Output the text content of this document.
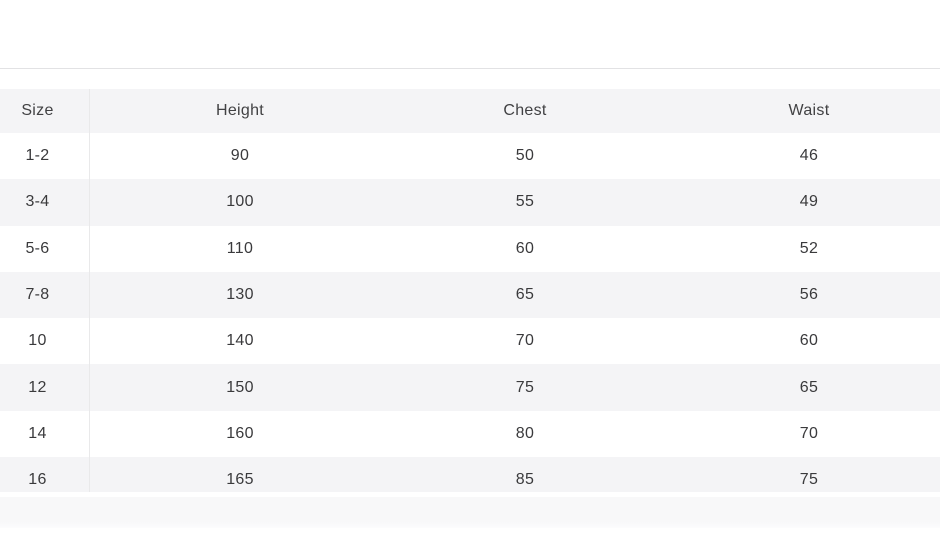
Size	Height	Chest	Waist
1-2	90	50	46
3-4	100	55	49
5-6	110	60	52
7-8	130	65	56
10	140	70	60
12	150	75	65
14	160	80	70
16	165	85	75
